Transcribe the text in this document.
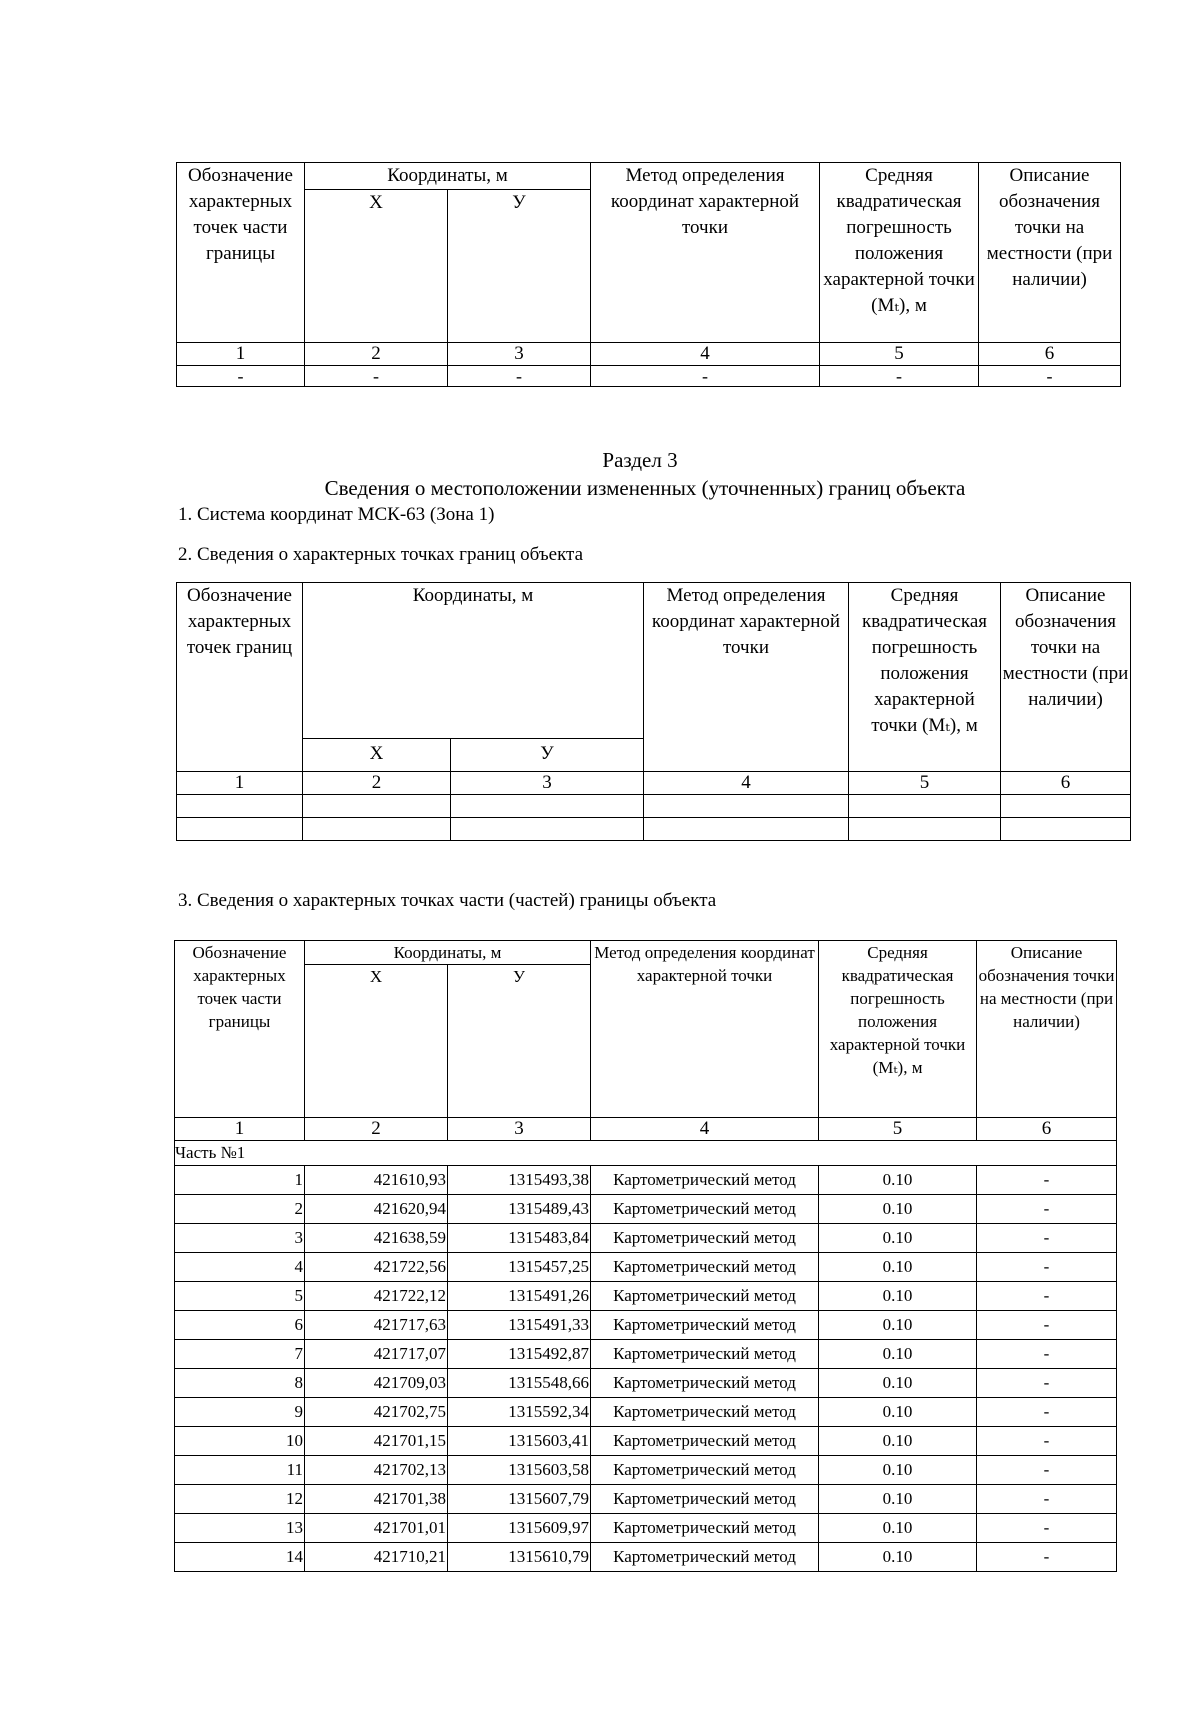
Обозначение характерных точек части границы	Координаты, м		Метод определения координат характерной точки	Средняя квадратическая погрешность положения характерной точки (Mₜ), м	Описание обозначения точки на местности (при наличии)
	X	У			
1	2	3	4	5	6
-	-	-	-	-	-
Раздел 3
Сведения о местоположении измененных (уточненных) границ объекта
1. Система координат МСК-63 (Зона 1)
2. Сведения о характерных точках границ объекта
Обозначение характерных точек границ	Координаты, м		Метод определения координат характерной точки	Средняя квадратическая погрешность положения характерной точки (Mₜ), м	Описание обозначения точки на местности (при наличии)
	X	У			
1	2	3	4	5	6

3. Сведения о характерных точках части (частей) границы объекта
Обозначение характерных точек части границы	Координаты, м		Метод определения координат характерной точки	Средняя квадратическая погрешность положения характерной точки (Mₜ), м	Описание обозначения точки на местности (при наличии)
	X	У			
1	2	3	4	5	6
Часть №1					
1	421610,93	1315493,38	Картометрический метод	0.10	-
2	421620,94	1315489,43	Картометрический метод	0.10	-
3	421638,59	1315483,84	Картометрический метод	0.10	-
4	421722,56	1315457,25	Картометрический метод	0.10	-
5	421722,12	1315491,26	Картометрический метод	0.10	-
6	421717,63	1315491,33	Картометрический метод	0.10	-
7	421717,07	1315492,87	Картометрический метод	0.10	-
8	421709,03	1315548,66	Картометрический метод	0.10	-
9	421702,75	1315592,34	Картометрический метод	0.10	-
10	421701,15	1315603,41	Картометрический метод	0.10	-
11	421702,13	1315603,58	Картометрический метод	0.10	-
12	421701,38	1315607,79	Картометрический метод	0.10	-
13	421701,01	1315609,97	Картометрический метод	0.10	-
14	421710,21	1315610,79	Картометрический метод	0.10	-
